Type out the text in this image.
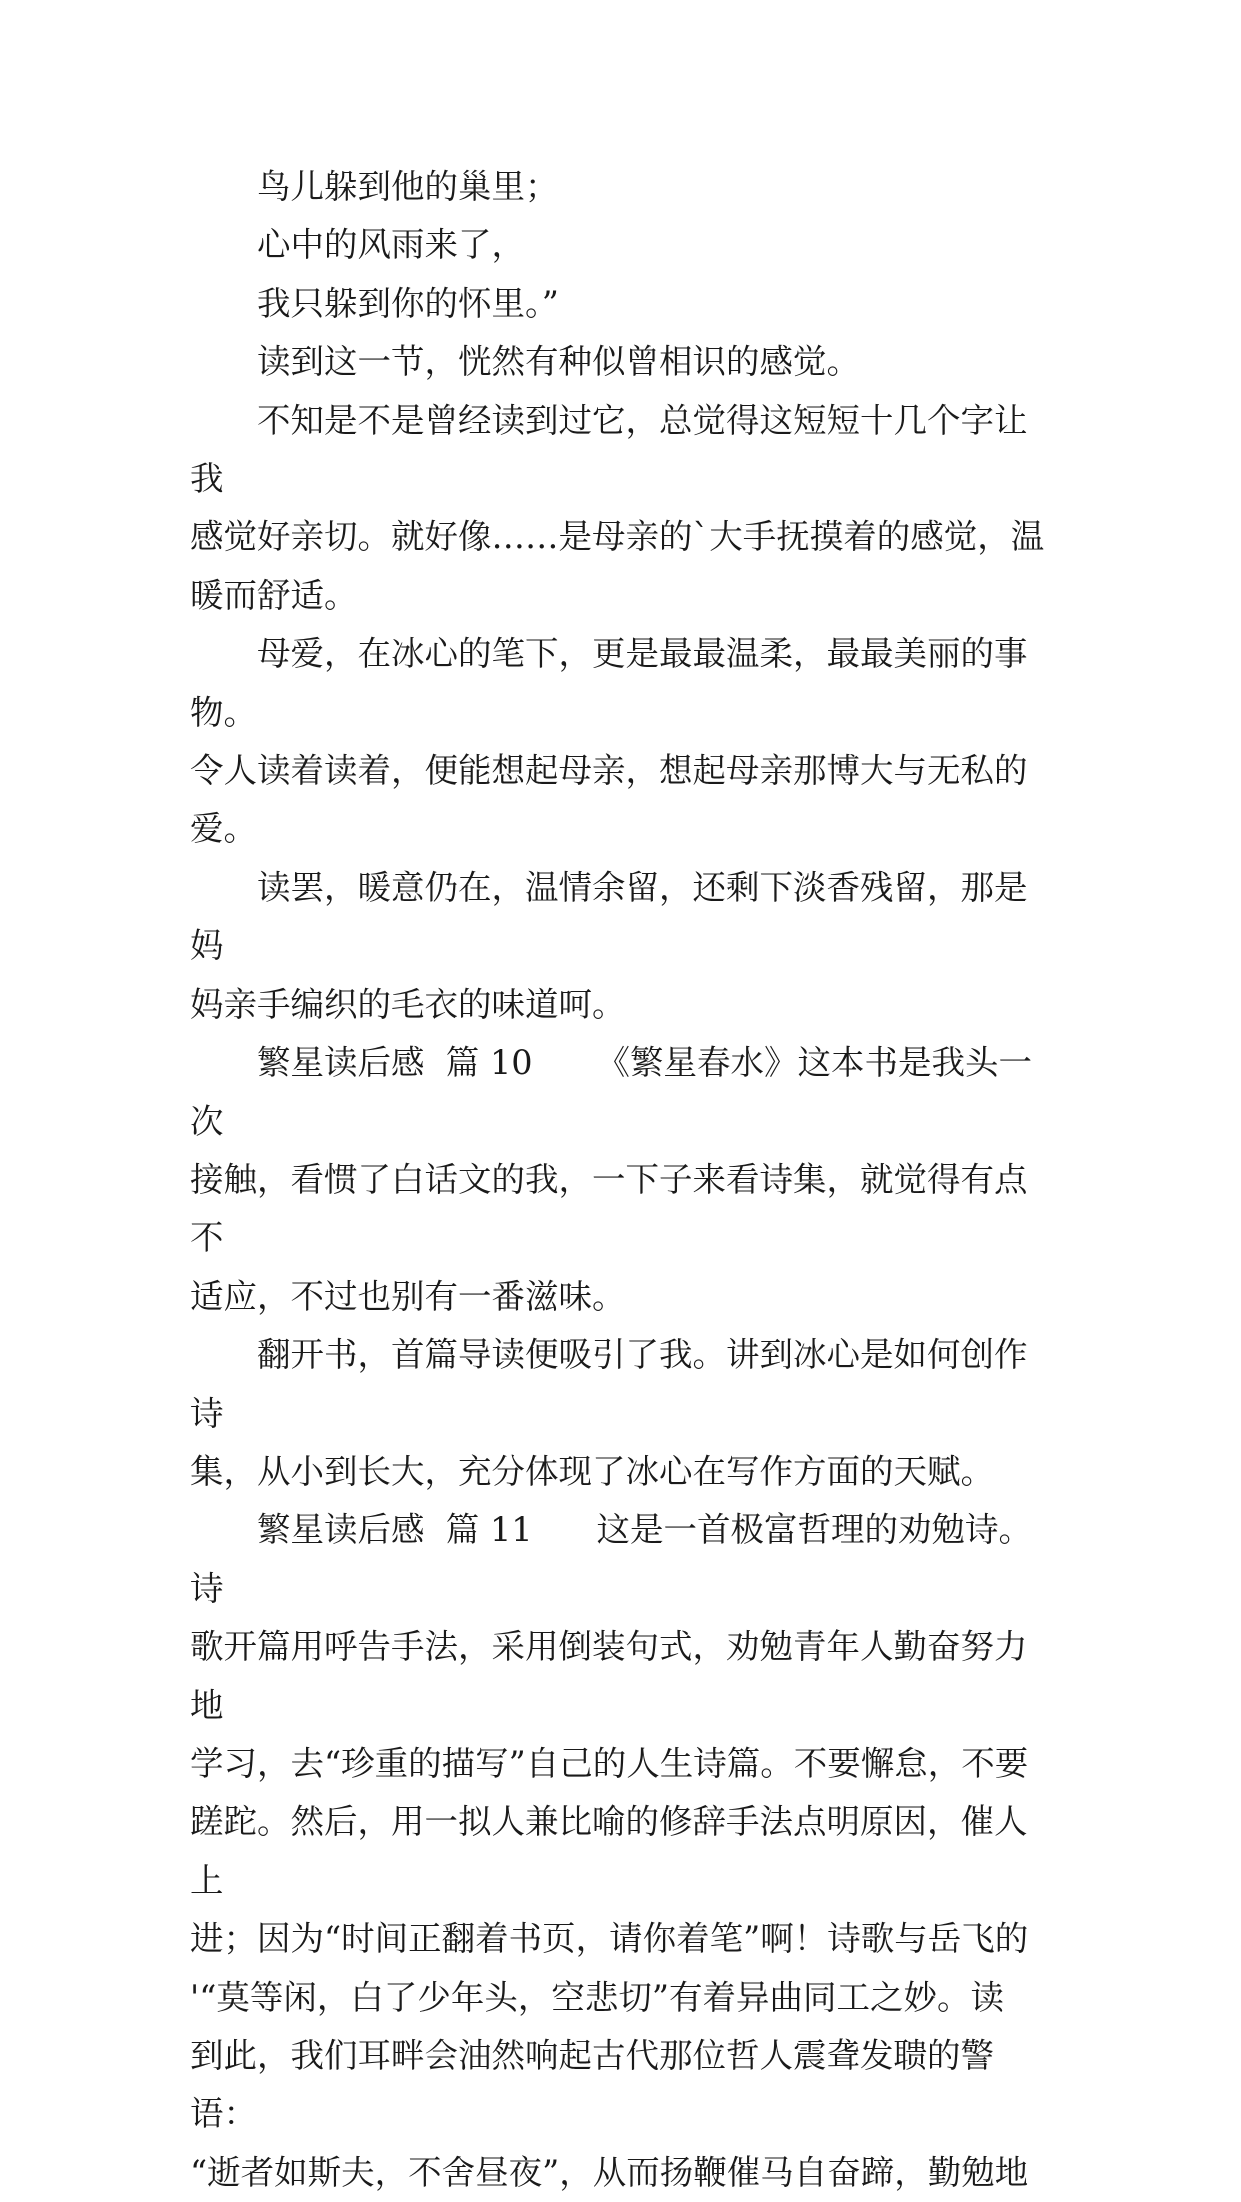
鸟儿躲到他的巢里；

心中的风雨来了，

我只躲到你的怀里。”

读到这一节，恍然有种似曾相识的感觉。

不知是不是曾经读到过它，总觉得这短短十几个字让我

感觉好亲切。就好像……是母亲的`大手抚摸着的感觉，温

暖而舒适。

母爱，在冰心的笔下，更是最最温柔，最最美丽的事物。

令人读着读着，便能想起母亲，想起母亲那博大与无私的爱。

读罢，暖意仍在，温情余留，还剩下淡香残留，那是妈

妈亲手编织的毛衣的味道呵。

繁星读后感  篇 10      《繁星春水》这本书是我头一次

接触，看惯了白话文的我，一下子来看诗集，就觉得有点不

适应，不过也别有一番滋味。

翻开书，首篇导读便吸引了我。讲到冰心是如何创作诗

集，从小到长大，充分体现了冰心在写作方面的天赋。

繁星读后感  篇 11      这是一首极富哲理的劝勉诗。诗

歌开篇用呼告手法，采用倒装句式，劝勉青年人勤奋努力地

学习，去“珍重的描写”自己的人生诗篇。不要懈怠，不要

蹉跎。然后，用一拟人兼比喻的修辞手法点明原因，催人上

进；因为“时间正翻着书页，请你着笔”啊！诗歌与岳飞的

'“莫等闲，白了少年头，空悲切”有着异曲同工之妙。读

到此，我们耳畔会油然响起古代那位哲人震聋发聩的警语：

“逝者如斯夫，不舍昼夜”，从而扬鞭催马自奋蹄，勤勉地
